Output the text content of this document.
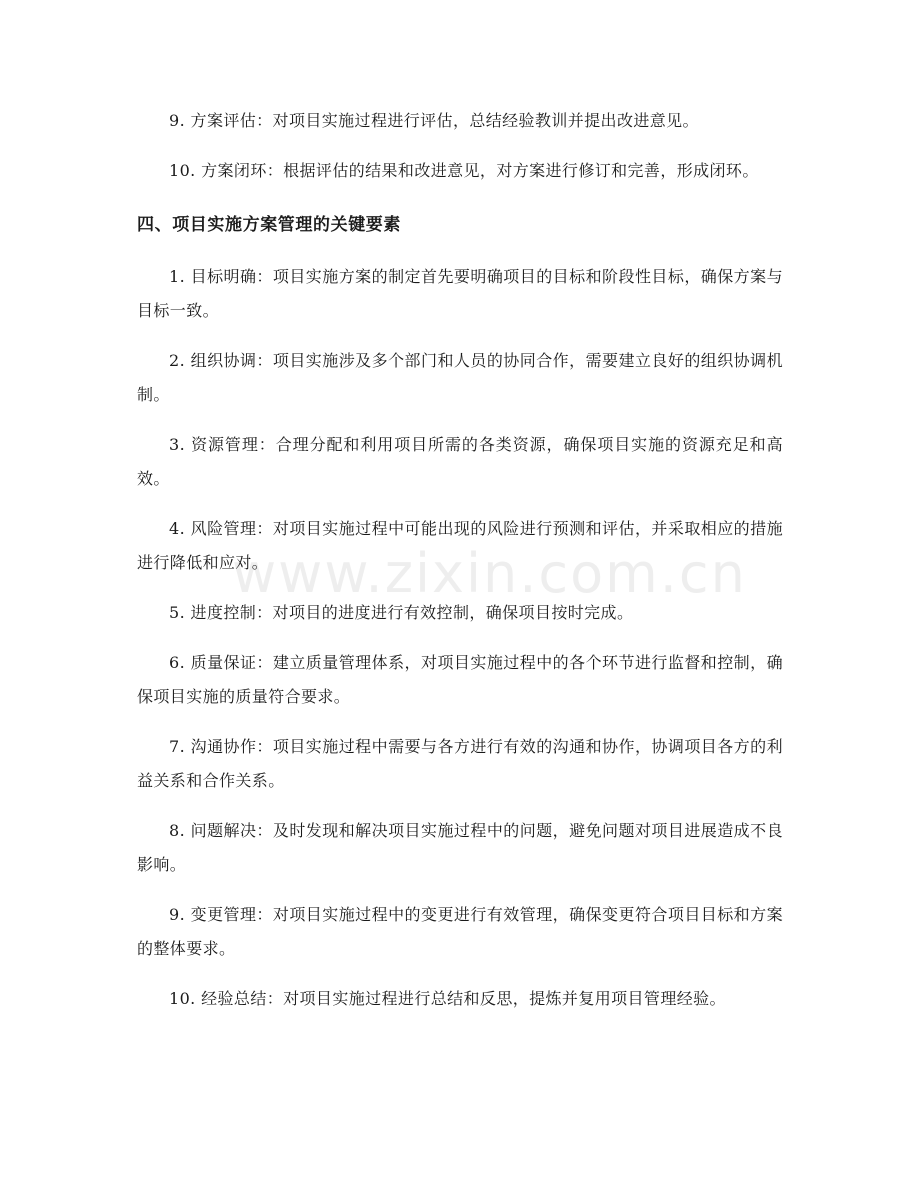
www.zixin.com.cn

9. 方案评估：对项目实施过程进行评估，总结经验教训并提出改进意见。

10. 方案闭环：根据评估的结果和改进意见，对方案进行修订和完善，形成闭环。

四、项目实施方案管理的关键要素

1. 目标明确：项目实施方案的制定首先要明确项目的目标和阶段性目标，确保方案与目标一致。

2. 组织协调：项目实施涉及多个部门和人员的协同合作，需要建立良好的组织协调机制。

3. 资源管理：合理分配和利用项目所需的各类资源，确保项目实施的资源充足和高效。

4. 风险管理：对项目实施过程中可能出现的风险进行预测和评估，并采取相应的措施进行降低和应对。

5. 进度控制：对项目的进度进行有效控制，确保项目按时完成。

6. 质量保证：建立质量管理体系，对项目实施过程中的各个环节进行监督和控制，确保项目实施的质量符合要求。

7. 沟通协作：项目实施过程中需要与各方进行有效的沟通和协作，协调项目各方的利益关系和合作关系。

8. 问题解决：及时发现和解决项目实施过程中的问题，避免问题对项目进展造成不良影响。

9. 变更管理：对项目实施过程中的变更进行有效管理，确保变更符合项目目标和方案的整体要求。

10. 经验总结：对项目实施过程进行总结和反思，提炼并复用项目管理经验。
